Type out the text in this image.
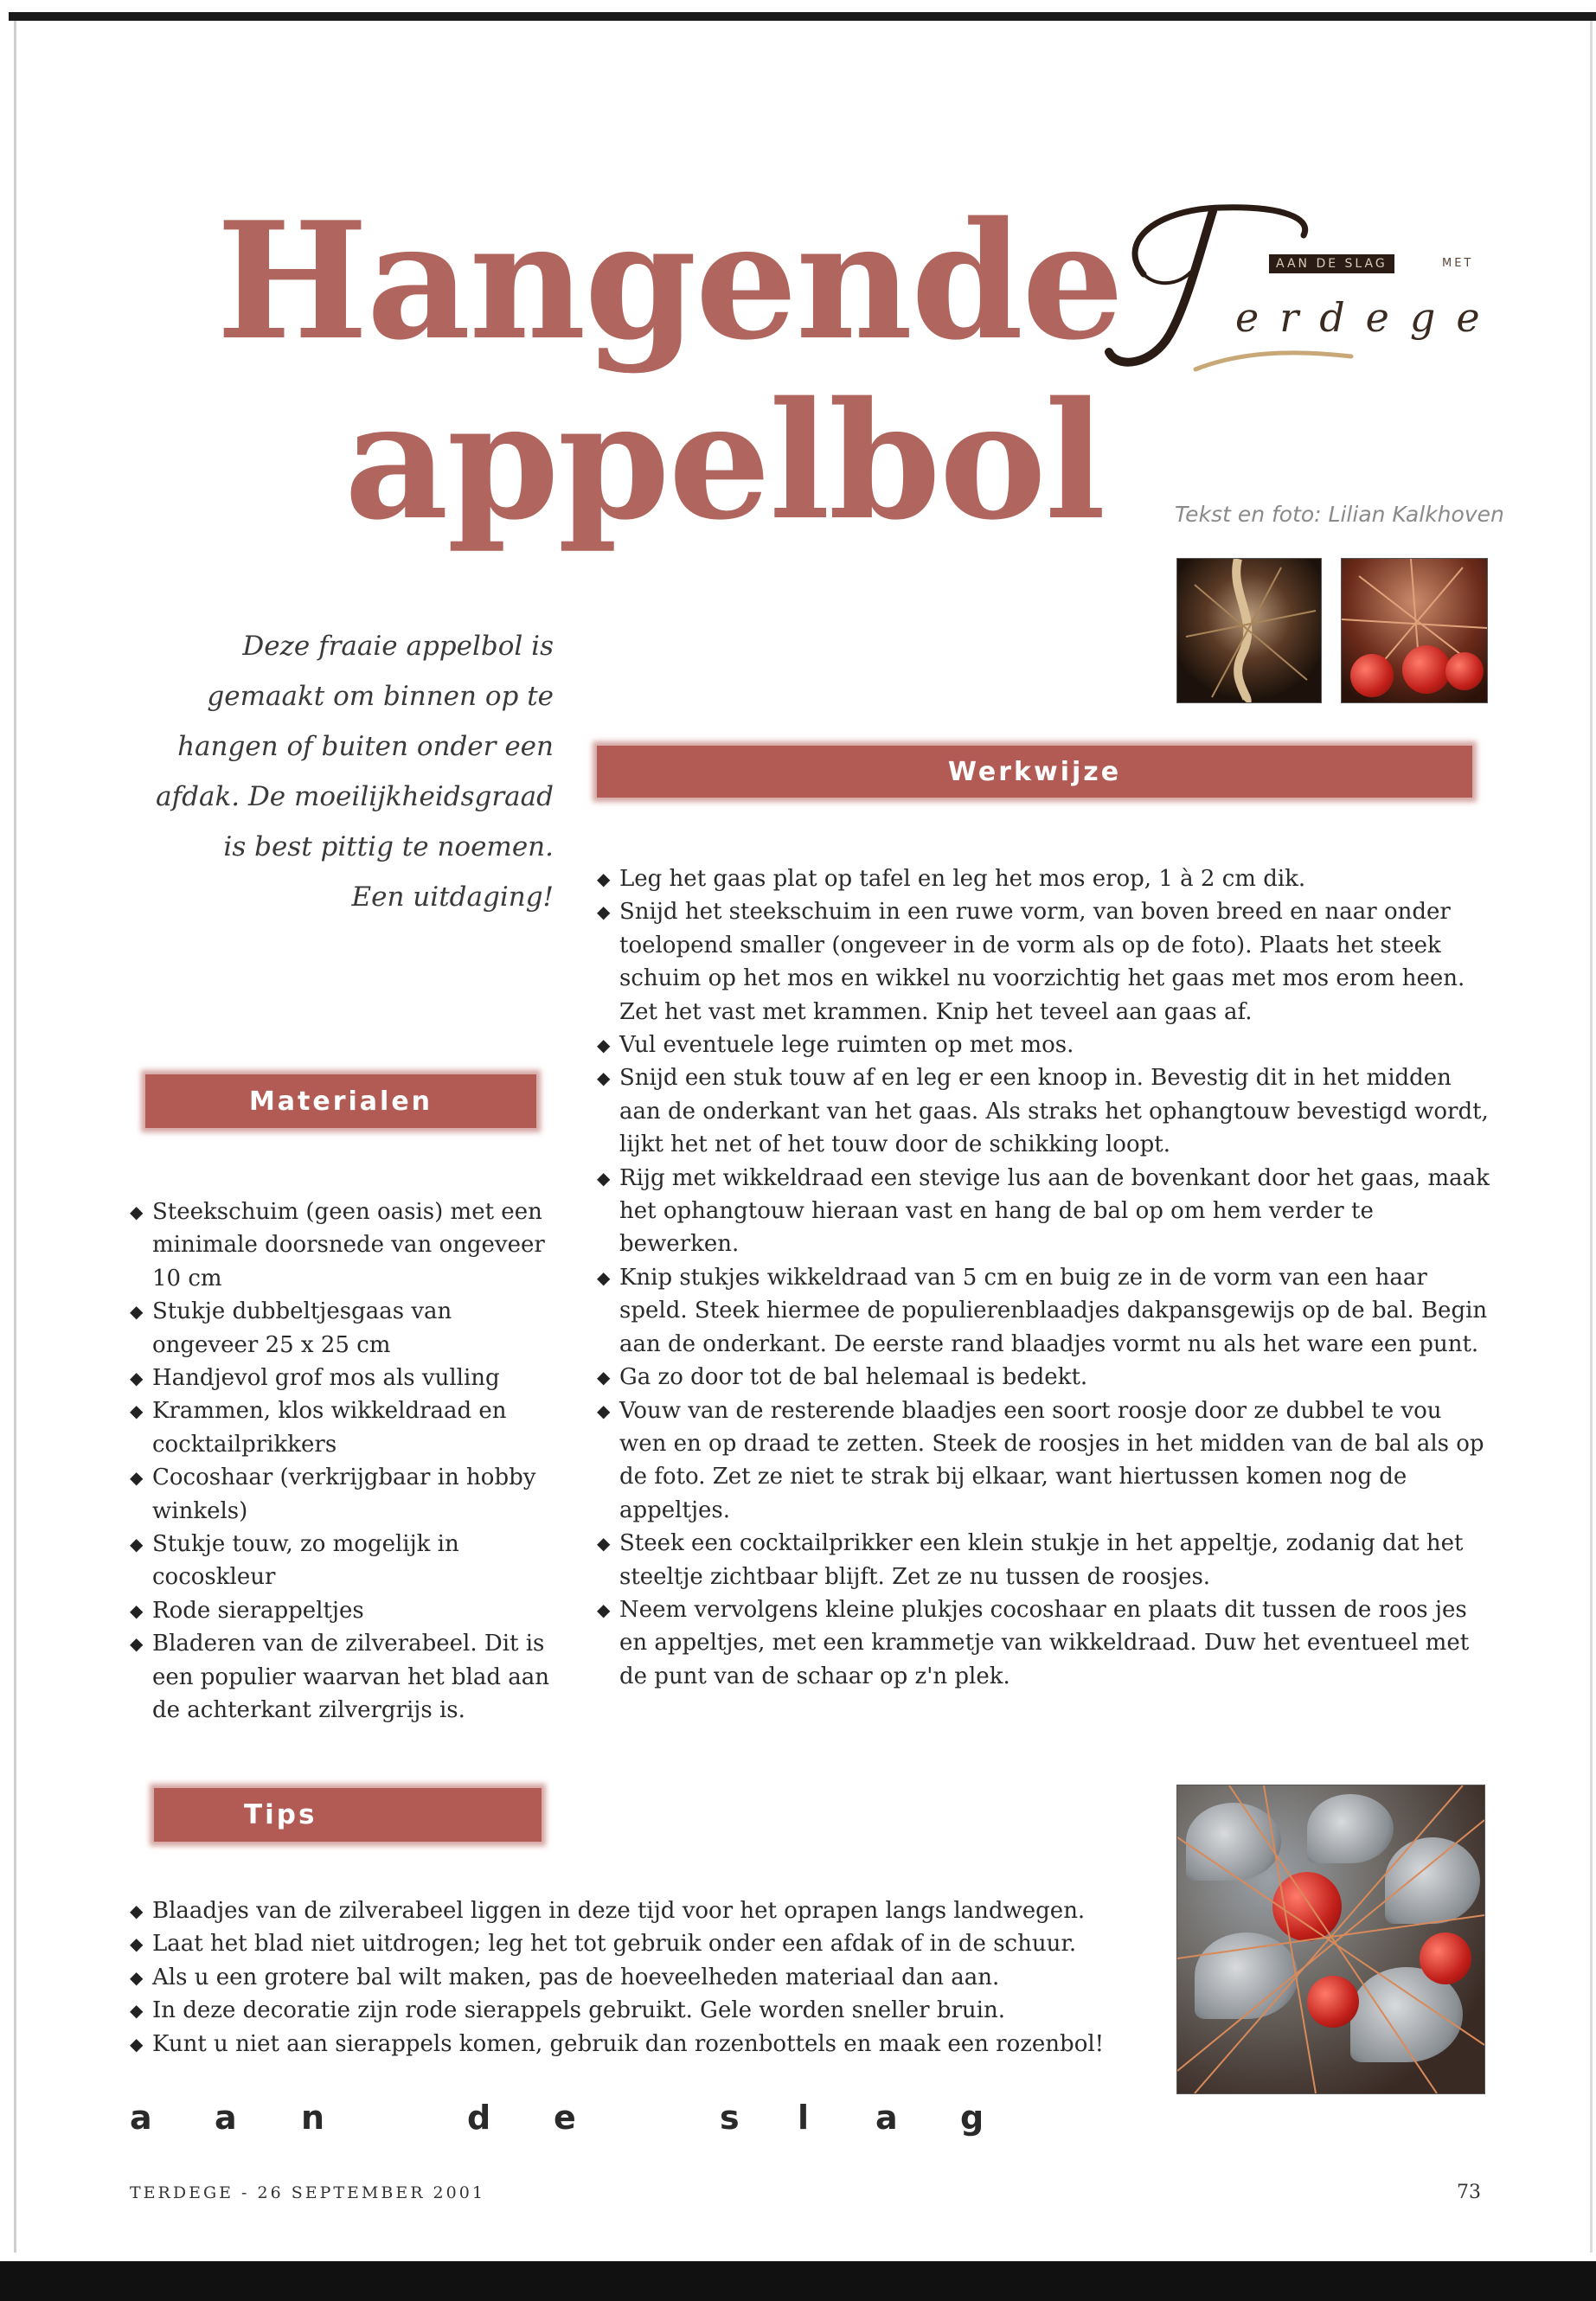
Hangende
appelbol
AAN DE SLAG	MET
erdege
Tekst en foto: Lilian Kalkhoven
Deze fraaie appelbol is
gemaakt om binnen op te
hangen of buiten onder een
afdak. De moeilijkheidsgraad
is best pittig te noemen.
Een uitdaging!
Werkwijze
◆ Leg het gaas plat op tafel en leg het mos erop, 1 à 2 cm dik.
◆ Snijd het steekschuim in een ruwe vorm, van boven breed en naar onder toelopend smaller (ongeveer in de vorm als op de foto). Plaats het steek schuim op het mos en wikkel nu voorzichtig het gaas met mos erom heen. Zet het vast met krammen. Knip het teveel aan gaas af.
◆ Vul eventuele lege ruimten op met mos.
◆ Snijd een stuk touw af en leg er een knoop in. Bevestig dit in het midden aan de onderkant van het gaas. Als straks het ophangtouw bevestigd wordt, lijkt het net of het touw door de schikking loopt.
◆ Rijg met wikkeldraad een stevige lus aan de bovenkant door het gaas, maak het ophangtouw hieraan vast en hang de bal op om hem verder te bewerken.
◆ Knip stukjes wikkeldraad van 5 cm en buig ze in de vorm van een haar speld. Steek hiermee de populierenblaadjes dakpansgewijs op de bal. Begin aan de onderkant. De eerste rand blaadjes vormt nu als het ware een punt.
◆ Ga zo door tot de bal helemaal is bedekt.
◆ Vouw van de resterende blaadjes een soort roosje door ze dubbel te vou wen en op draad te zetten. Steek de roosjes in het midden van de bal als op de foto. Zet ze niet te strak bij elkaar, want hiertussen komen nog de appeltjes.
◆ Steek een cocktailprikker een klein stukje in het appeltje, zodanig dat het steeltje zichtbaar blijft. Zet ze nu tussen de roosjes.
◆ Neem vervolgens kleine plukjes cocoshaar en plaats dit tussen de roos jes en appeltjes, met een krammetje van wikkeldraad. Duw het eventueel met de punt van de schaar op z'n plek.
Materialen
◆ Steekschuim (geen oasis) met een minimale doorsnede van ongeveer 10 cm
◆ Stukje dubbeltjesgaas van ongeveer 25 x 25 cm
◆ Handjevol grof mos als vulling
◆ Krammen, klos wikkeldraad en cocktailprikkers
◆ Cocoshaar (verkrijgbaar in hobby winkels)
◆ Stukje touw, zo mogelijk in cocoskleur
◆ Rode sierappeltjes
◆ Bladeren van de zilverabeel. Dit is een populier waarvan het blad aan de achterkant zilvergrijs is.
Tips
◆ Blaadjes van de zilverabeel liggen in deze tijd voor het oprapen langs landwegen.
◆ Laat het blad niet uitdrogen; leg het tot gebruik onder een afdak of in de schuur.
◆ Als u een grotere bal wilt maken, pas de hoeveelheden materiaal dan aan.
◆ In deze decoratie zijn rode sierappels gebruikt. Gele worden sneller bruin.
◆ Kunt u niet aan sierappels komen, gebruik dan rozenbottels en maak een rozenbol!
a a n	d e	s l a g
TERDEGE - 26 SEPTEMBER 2001	73
